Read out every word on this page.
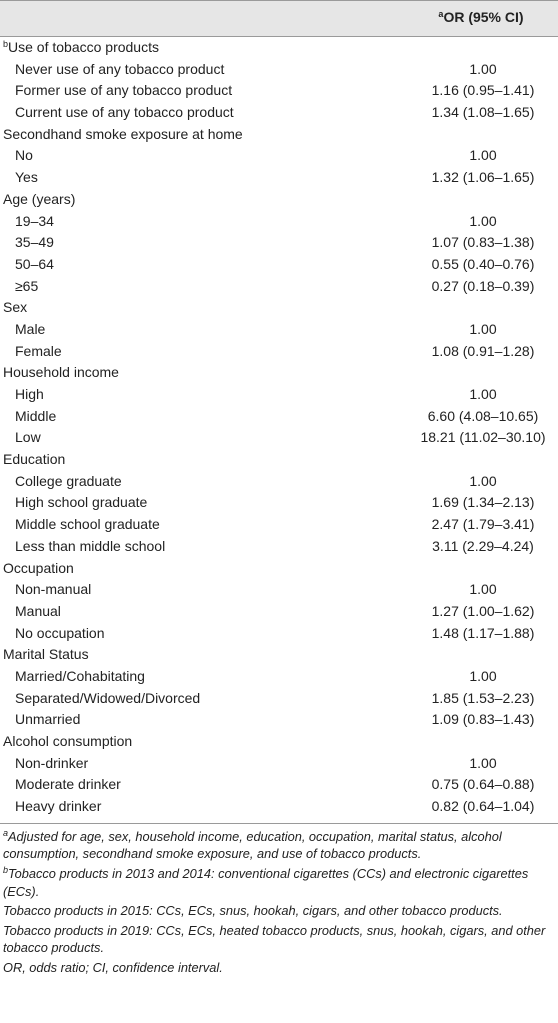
$^a$OR (95% CI)
$^b$Use of tobacco products
Never use of any tobacco product	1.00
Former use of any tobacco product	1.16 (0.95–1.41)
Current use of any tobacco product	1.34 (1.08–1.65)
Secondhand smoke exposure at home
No	1.00
Yes	1.32 (1.06–1.65)
Age (years)
19–34	1.00
35–49	1.07 (0.83–1.38)
50–64	0.55 (0.40–0.76)
≥65	0.27 (0.18–0.39)
Sex
Male	1.00
Female	1.08 (0.91–1.28)
Household income
High	1.00
Middle	6.60 (4.08–10.65)
Low	18.21 (11.02–30.10)
Education
College graduate	1.00
High school graduate	1.69 (1.34–2.13)
Middle school graduate	2.47 (1.79–3.41)
Less than middle school	3.11 (2.29–4.24)
Occupation
Non-manual	1.00
Manual	1.27 (1.00–1.62)
No occupation	1.48 (1.17–1.88)
Marital Status
Married/Cohabitating	1.00
Separated/Widowed/Divorced	1.85 (1.53–2.23)
Unmarried	1.09 (0.83–1.43)
Alcohol consumption
Non-drinker	1.00
Moderate drinker	0.75 (0.64–0.88)
Heavy drinker	0.82 (0.64–1.04)

$^a$Adjusted for age, sex, household income, education, occupation, marital status, alcohol consumption, secondhand smoke exposure, and use of tobacco products.

$^b$Tobacco products in 2013 and 2014: conventional cigarettes (CCs) and electronic cigarettes (ECs).

Tobacco products in 2015: CCs, ECs, snus, hookah, cigars, and other tobacco products.

Tobacco products in 2019: CCs, ECs, heated tobacco products, snus, hookah, cigars, and other tobacco products.

OR, odds ratio; CI, confidence interval.
